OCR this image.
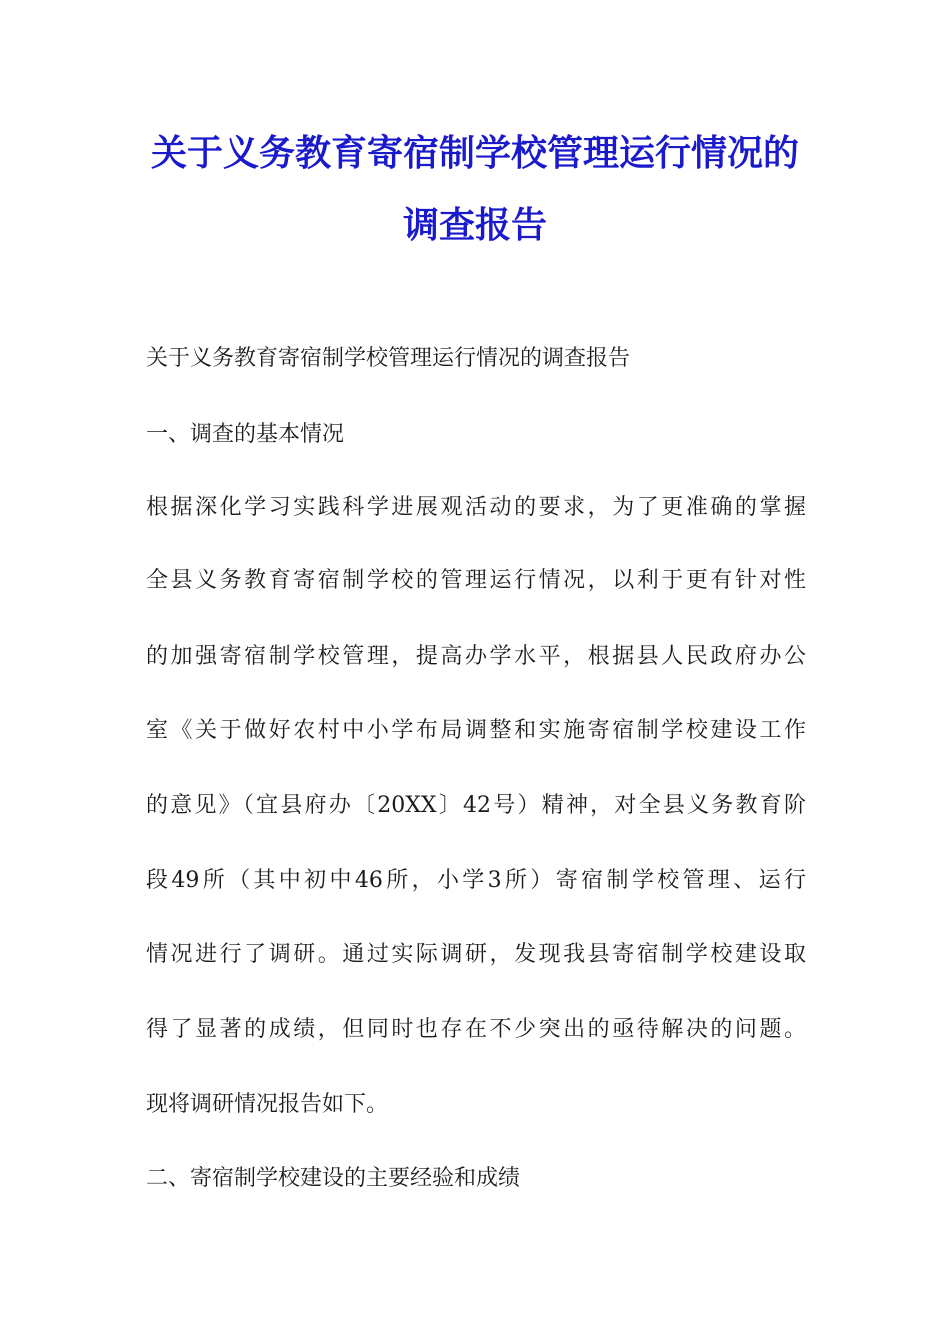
关于义务教育寄宿制学校管理运行情况的
调查报告
关于义务教育寄宿制学校管理运行情况的调查报告
一、调查的基本情况
根据深化学习实践科学进展观活动的要求，为了更准确的掌握
全县义务教育寄宿制学校的管理运行情况，以利于更有针对性
的加强寄宿制学校管理，提高办学水平，根据县人民政府办公
室《关于做好农村中小学布局调整和实施寄宿制学校建设工作
的意见》（宜县府办〔20XX〕42号）精神，对全县义务教育阶
段49所（其中初中46所，小学3所）寄宿制学校管理、运行
情况进行了调研。通过实际调研，发现我县寄宿制学校建设取
得了显著的成绩，但同时也存在不少突出的亟待解决的问题。
现将调研情况报告如下。
二、寄宿制学校建设的主要经验和成绩
